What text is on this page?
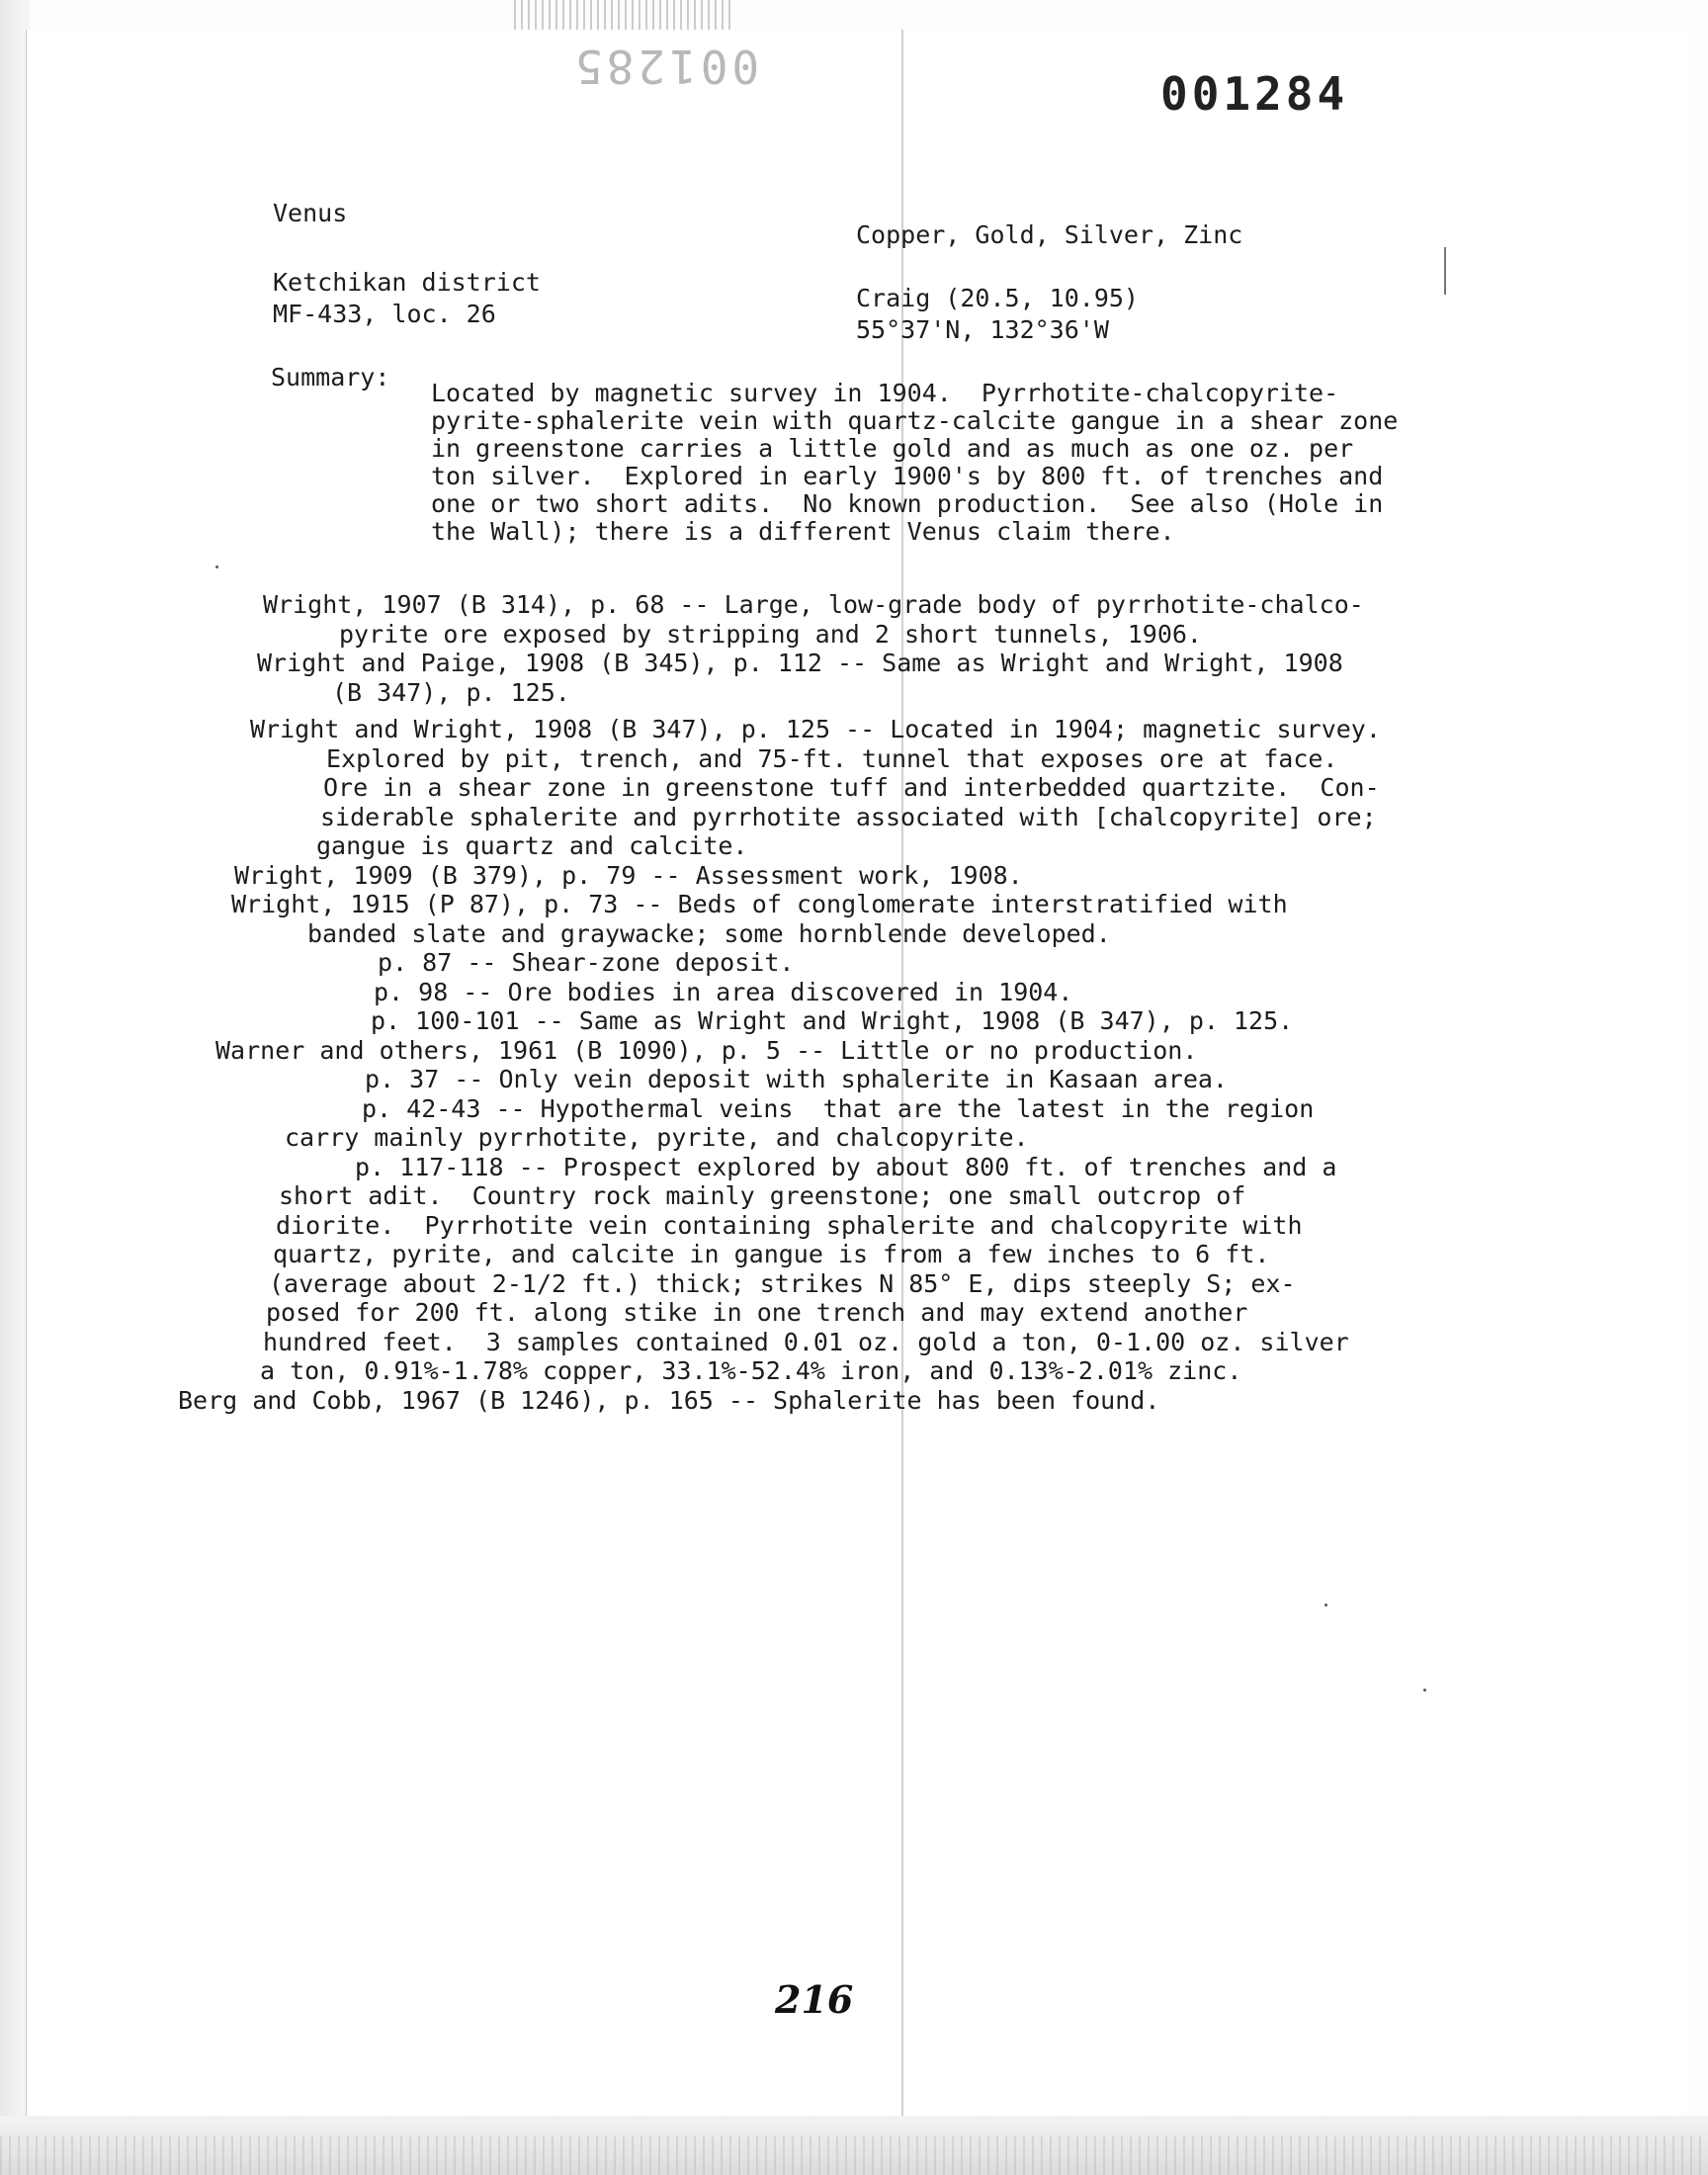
001285
001284
Venus
Copper, Gold, Silver, Zinc
Ketchikan district
MF-433, loc. 26
Craig (20.5, 10.95)
55°37'N, 132°36'W
Summary:
Located by magnetic survey in 1904.  Pyrrhotite-chalcopyrite-
pyrite-sphalerite vein with quartz-calcite gangue in a shear zone
in greenstone carries a little gold and as much as one oz. per
ton silver.  Explored in early 1900's by 800 ft. of trenches and
one or two short adits.  No known production.  See also (Hole in
the Wall); there is a different Venus claim there.
Wright, 1907 (B 314), p. 68 -- Large, low-grade body of pyrrhotite-chalco-
pyrite ore exposed by stripping and 2 short tunnels, 1906.
Wright and Paige, 1908 (B 345), p. 112 -- Same as Wright and Wright, 1908
(B 347), p. 125.
Wright and Wright, 1908 (B 347), p. 125 -- Located in 1904; magnetic survey.
Explored by pit, trench, and 75-ft. tunnel that exposes ore at face.
Ore in a shear zone in greenstone tuff and interbedded quartzite.  Con-
siderable sphalerite and pyrrhotite associated with [chalcopyrite] ore;
gangue is quartz and calcite.
Wright, 1909 (B 379), p. 79 -- Assessment work, 1908.
Wright, 1915 (P 87), p. 73 -- Beds of conglomerate interstratified with
banded slate and graywacke; some hornblende developed.
p. 87 -- Shear-zone deposit.
p. 98 -- Ore bodies in area discovered in 1904.
p. 100-101 -- Same as Wright and Wright, 1908 (B 347), p. 125.
Warner and others, 1961 (B 1090), p. 5 -- Little or no production.
p. 37 -- Only vein deposit with sphalerite in Kasaan area.
p. 42-43 -- Hypothermal veins  that are the latest in the region
carry mainly pyrrhotite, pyrite, and chalcopyrite.
p. 117-118 -- Prospect explored by about 800 ft. of trenches and a
short adit.  Country rock mainly greenstone; one small outcrop of
diorite.  Pyrrhotite vein containing sphalerite and chalcopyrite with
quartz, pyrite, and calcite in gangue is from a few inches to 6 ft.
(average about 2-1/2 ft.) thick; strikes N 85° E, dips steeply S; ex-
posed for 200 ft. along stike in one trench and may extend another
hundred feet.  3 samples contained 0.01 oz. gold a ton, 0-1.00 oz. silver
a ton, 0.91%-1.78% copper, 33.1%-52.4% iron, and 0.13%-2.01% zinc.
Berg and Cobb, 1967 (B 1246), p. 165 -- Sphalerite has been found.
216
